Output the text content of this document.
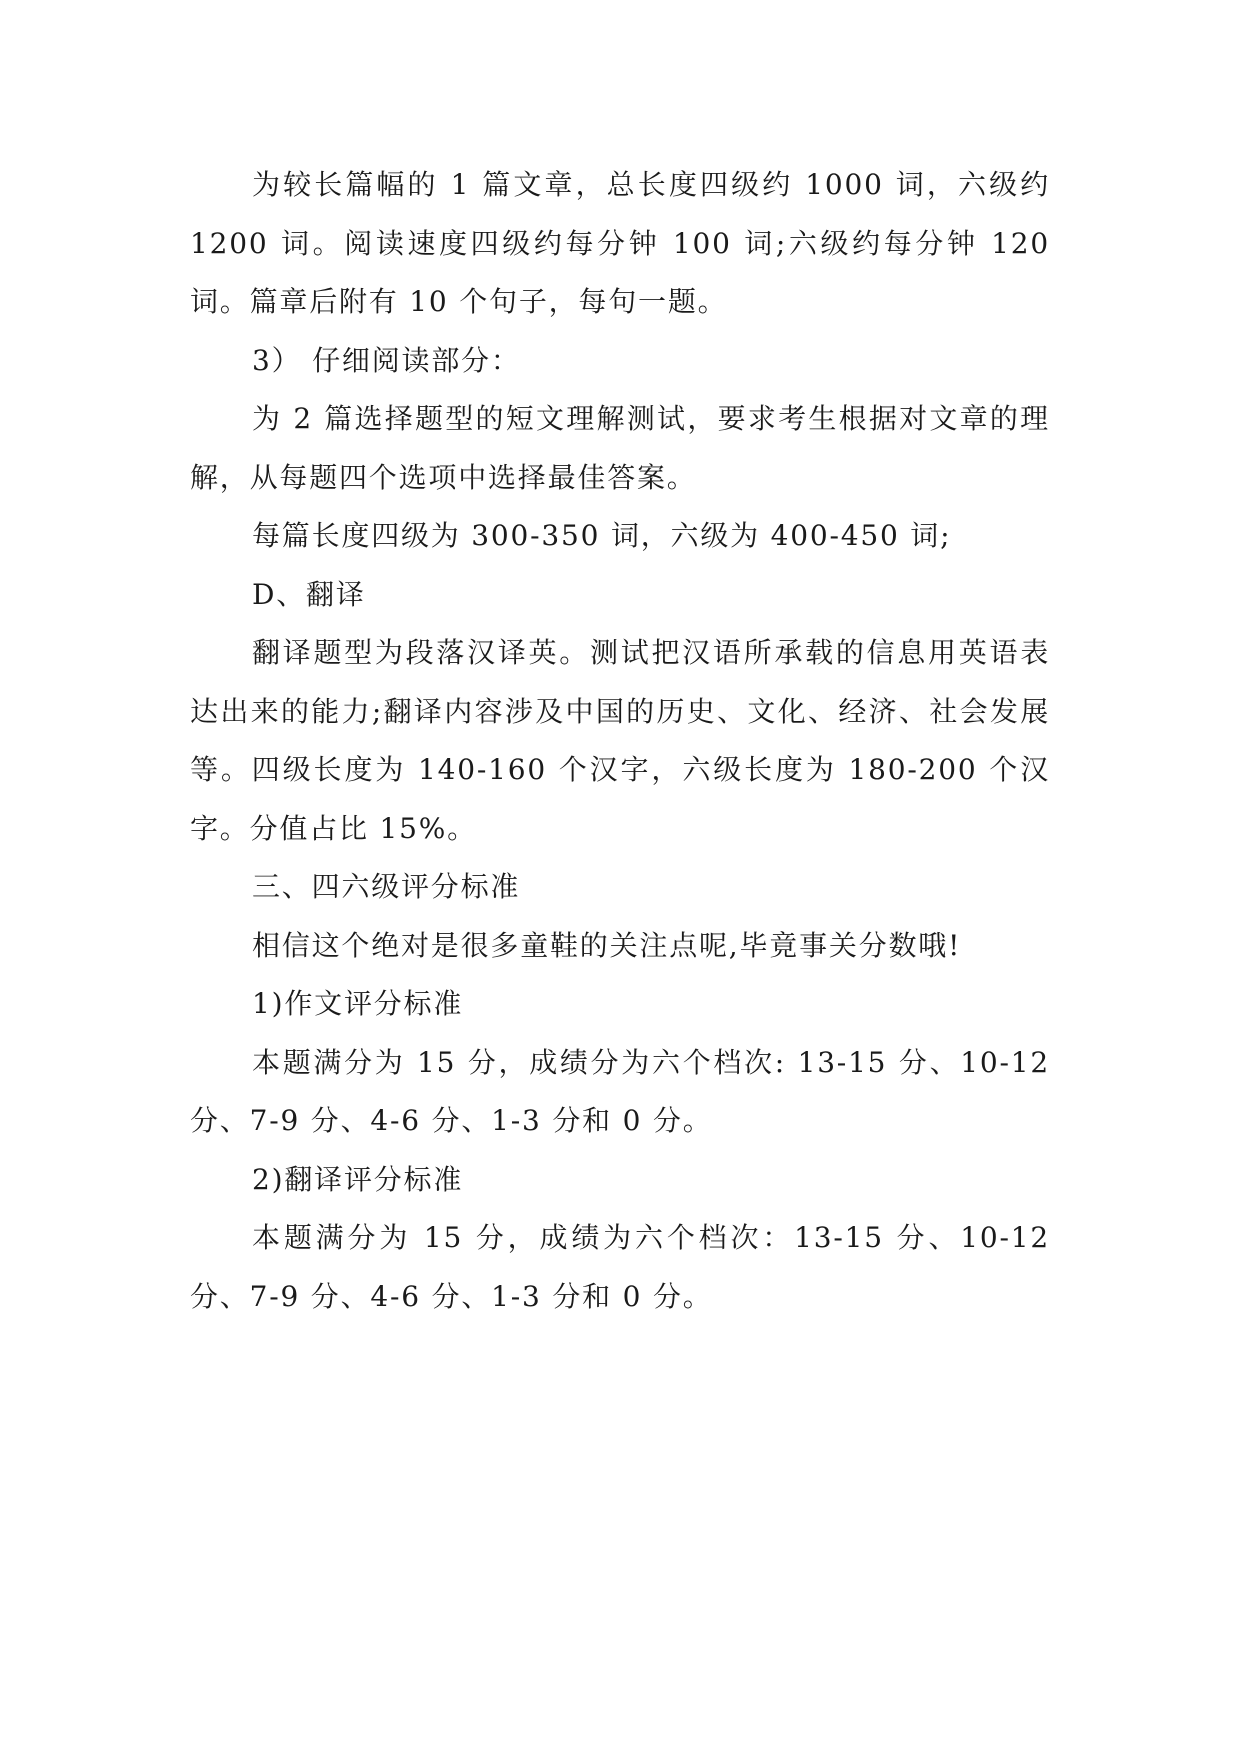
为较长篇幅的 1 篇文章，总长度四级约 1000 词，六级约 1200 词。阅读速度四级约每分钟 100 词;六级约每分钟 120 词。篇章后附有 10 个句子，每句一题。

3） 仔细阅读部分：

为 2 篇选择题型的短文理解测试，要求考生根据对文章的理解，从每题四个选项中选择最佳答案。

每篇长度四级为 300-350 词，六级为 400-450 词;

D、翻译

翻译题型为段落汉译英。测试把汉语所承载的信息用英语表达出来的能力;翻译内容涉及中国的历史、文化、经济、社会发展等。四级长度为 140-160 个汉字，六级长度为 180-200 个汉字。分值占比 15%。

三、四六级评分标准

相信这个绝对是很多童鞋的关注点呢,毕竟事关分数哦!

1)作文评分标准

本题满分为 15 分，成绩分为六个档次: 13-15 分、10-12 分、7-9 分、4-6 分、1-3 分和 0 分。

2)翻译评分标准

本题满分为 15 分，成绩为六个档次：13-15 分、10-12 分、7-9 分、4-6 分、1-3 分和 0 分。
